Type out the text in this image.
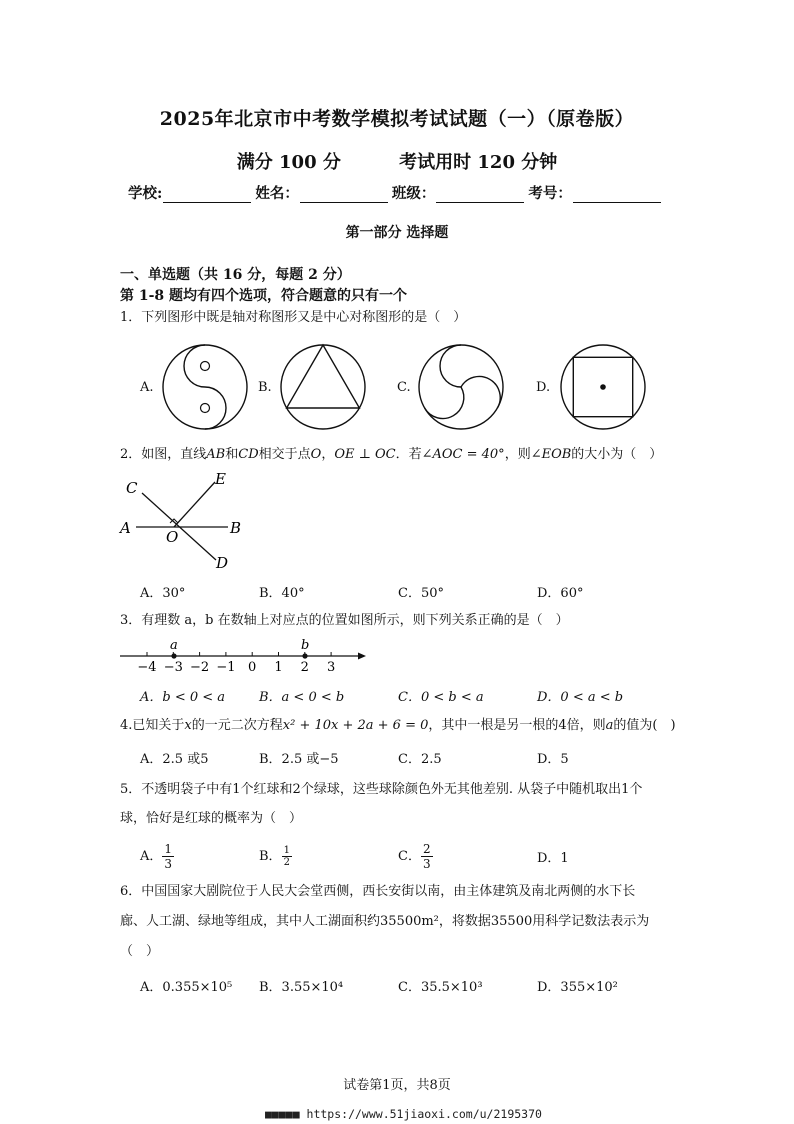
2025年北京市中考数学模拟考试试题（一）（原卷版）
满分 100 分	考试用时 120 分钟
学校:	姓名：	班级：	考号：
第一部分 选择题
一、单选题（共 16 分，每题 2 分）
第 1-8 题均有四个选项，符合题意的只有一个
1．下列图形中既是轴对称图形又是中心对称图形的是（　）
A.	B.	C.	D.
2．如图，直线AB和CD相交于点O，OE ⊥ OC．若∠AOC = 40°，则∠EOB的大小为（　）
C	E
A O	B
D
A．30°	B．40°	C．50°	D．60°
3．有理数 a，b 在数轴上对应点的位置如图所示，则下列关系正确的是（　）
−4 −3 −2 −1 0 1 2 3
a	b
A．b < 0 < a	B．a < 0 < b	C．0 < b < a	D．0 < a < b
4.已知关于x的一元二次方程x² + 10x + 2a + 6 = 0，其中一根是另一根的4倍，则a的值为(　)
A．2.5 或5	B．2.5 或−5	C．2.5	D．5
5．不透明袋子中有1个红球和2个绿球，这些球除颜色外无其他差别. 从袋子中随机取出1个
球，恰好是红球的概率为（　）
A． $\frac{1}{3}$	B． $\frac{1}{2}$	C． $\frac{2}{3}$	D．1
6．中国国家大剧院位于人民大会堂西侧，西长安街以南，由主体建筑及南北两侧的水下长
廊、人工湖、绿地等组成，其中人工湖面积约35500m²，将数据35500用科学记数法表示为
（　）
A．0.355×10⁵	B．3.55×10⁴	C．35.5×10³	D．355×10²
试卷第1页，共8页
■■■■■ https://www.51jiaoxi.com/u/2195370
